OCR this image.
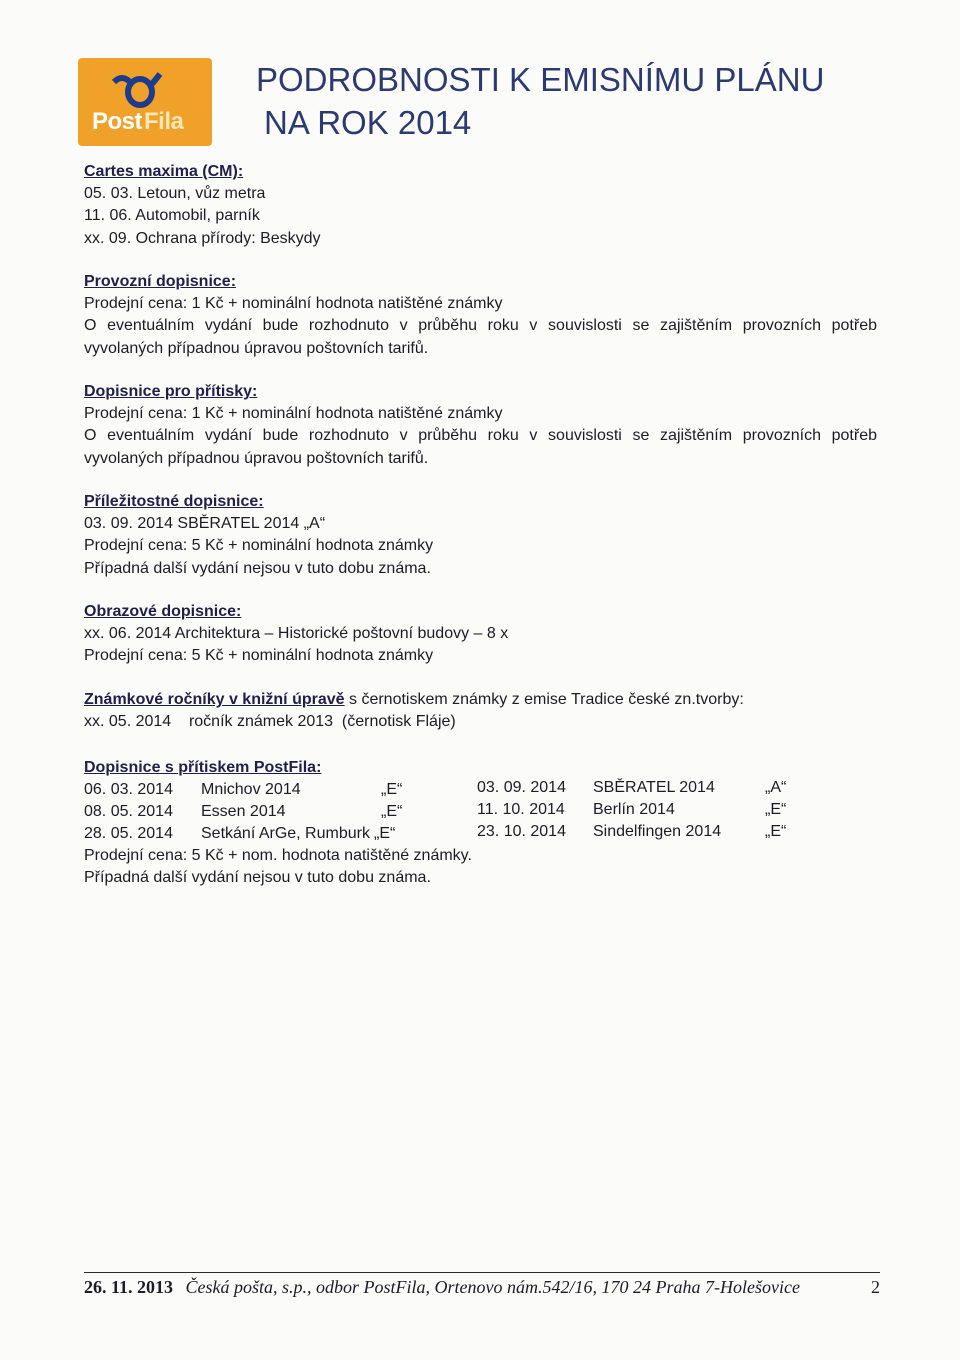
PostFila
PODROBNOSTI K EMISNÍMU PLÁNU
NA ROK 2014
Cartes maxima (CM):
05. 03. Letoun, vůz metra
11. 06. Automobil, parník
xx. 09. Ochrana přírody: Beskydy
Provozní dopisnice:
Prodejní cena: 1 Kč + nominální hodnota natištěné známky
O eventuálním vydání bude rozhodnuto v průběhu roku v souvislosti se zajištěním provozních potřeb
vyvolaných případnou úpravou poštovních tarifů.
Dopisnice pro přítisky:
Prodejní cena: 1 Kč + nominální hodnota natištěné známky
O eventuálním vydání bude rozhodnuto v průběhu roku v souvislosti se zajištěním provozních potřeb
vyvolaných případnou úpravou poštovních tarifů.
Příležitostné dopisnice:
03. 09. 2014 SBĚRATEL 2014 „A“
Prodejní cena: 5 Kč + nominální hodnota známky
Případná další vydání nejsou v tuto dobu známa.
Obrazové dopisnice:
xx. 06. 2014 Architektura – Historické poštovní budovy – 8 x
Prodejní cena: 5 Kč + nominální hodnota známky
Známkové ročníky v knižní úpravě s černotiskem známky z emise Tradice české zn.tvorby:
xx. 05. 2014    ročník známek 2013  (černotisk Fláje)
Dopisnice s přítiskem PostFila:
06. 03. 2014 Mnichov 2014	„E“
08. 05. 2014 Essen 2014	„E“
28. 05. 2014 Setkání ArGe, Rumburk „E“
03. 09. 2014 SBĚRATEL 2014	„A“
11. 10. 2014 Berlín 2014	„E“
23. 10. 2014 Sindelfingen 2014	„E“
Prodejní cena: 5 Kč + nom. hodnota natištěné známky.
Případná další vydání nejsou v tuto dobu známa.
26. 11. 2013 Česká pošta, s.p., odbor PostFila, Ortenovo nám.542/16, 170 24 Praha 7-Holešovice	2
